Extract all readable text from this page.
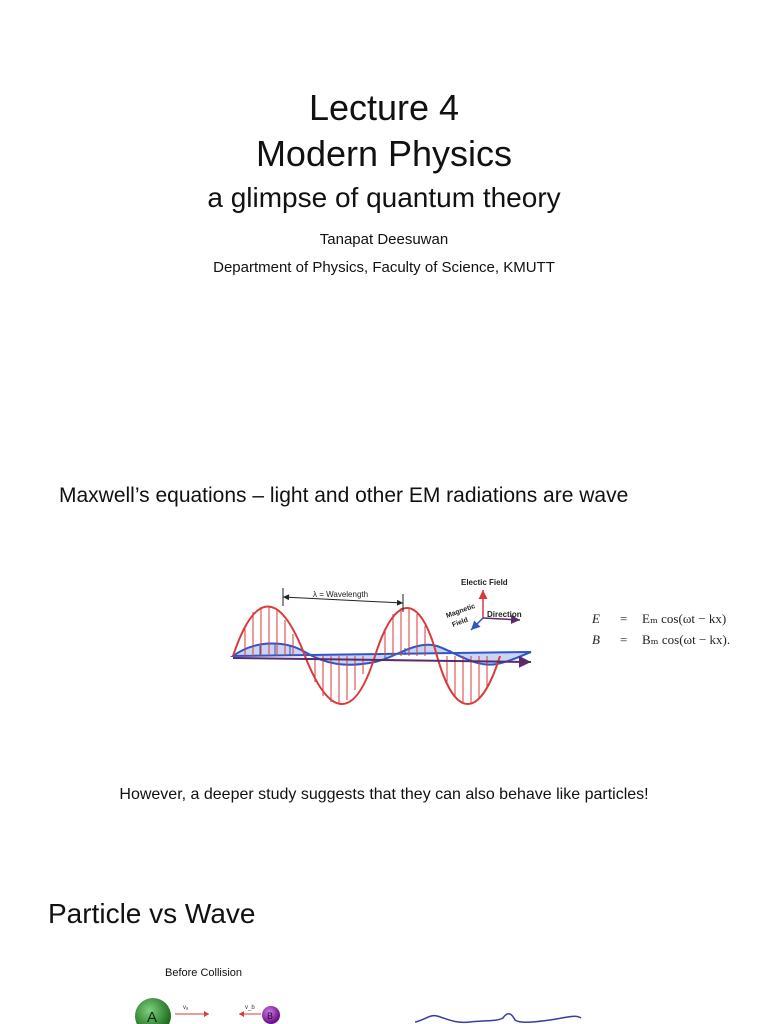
Lecture 4
Modern Physics
a glimpse of quantum theory
Tanapat Deesuwan
Department of Physics, Faculty of Science, KMUTT
Maxwell’s equations – light and other EM radiations are wave
λ = Wavelength
Electic Field
Direction
Magnetic
Field	E = Eₘ cos(ωt − kx)
B = Bₘ cos(ωt − kx).
However, a deeper study suggests that they can also behave like particles!
Particle vs Wave
Before Collision
A
vₐ	v_b
B
